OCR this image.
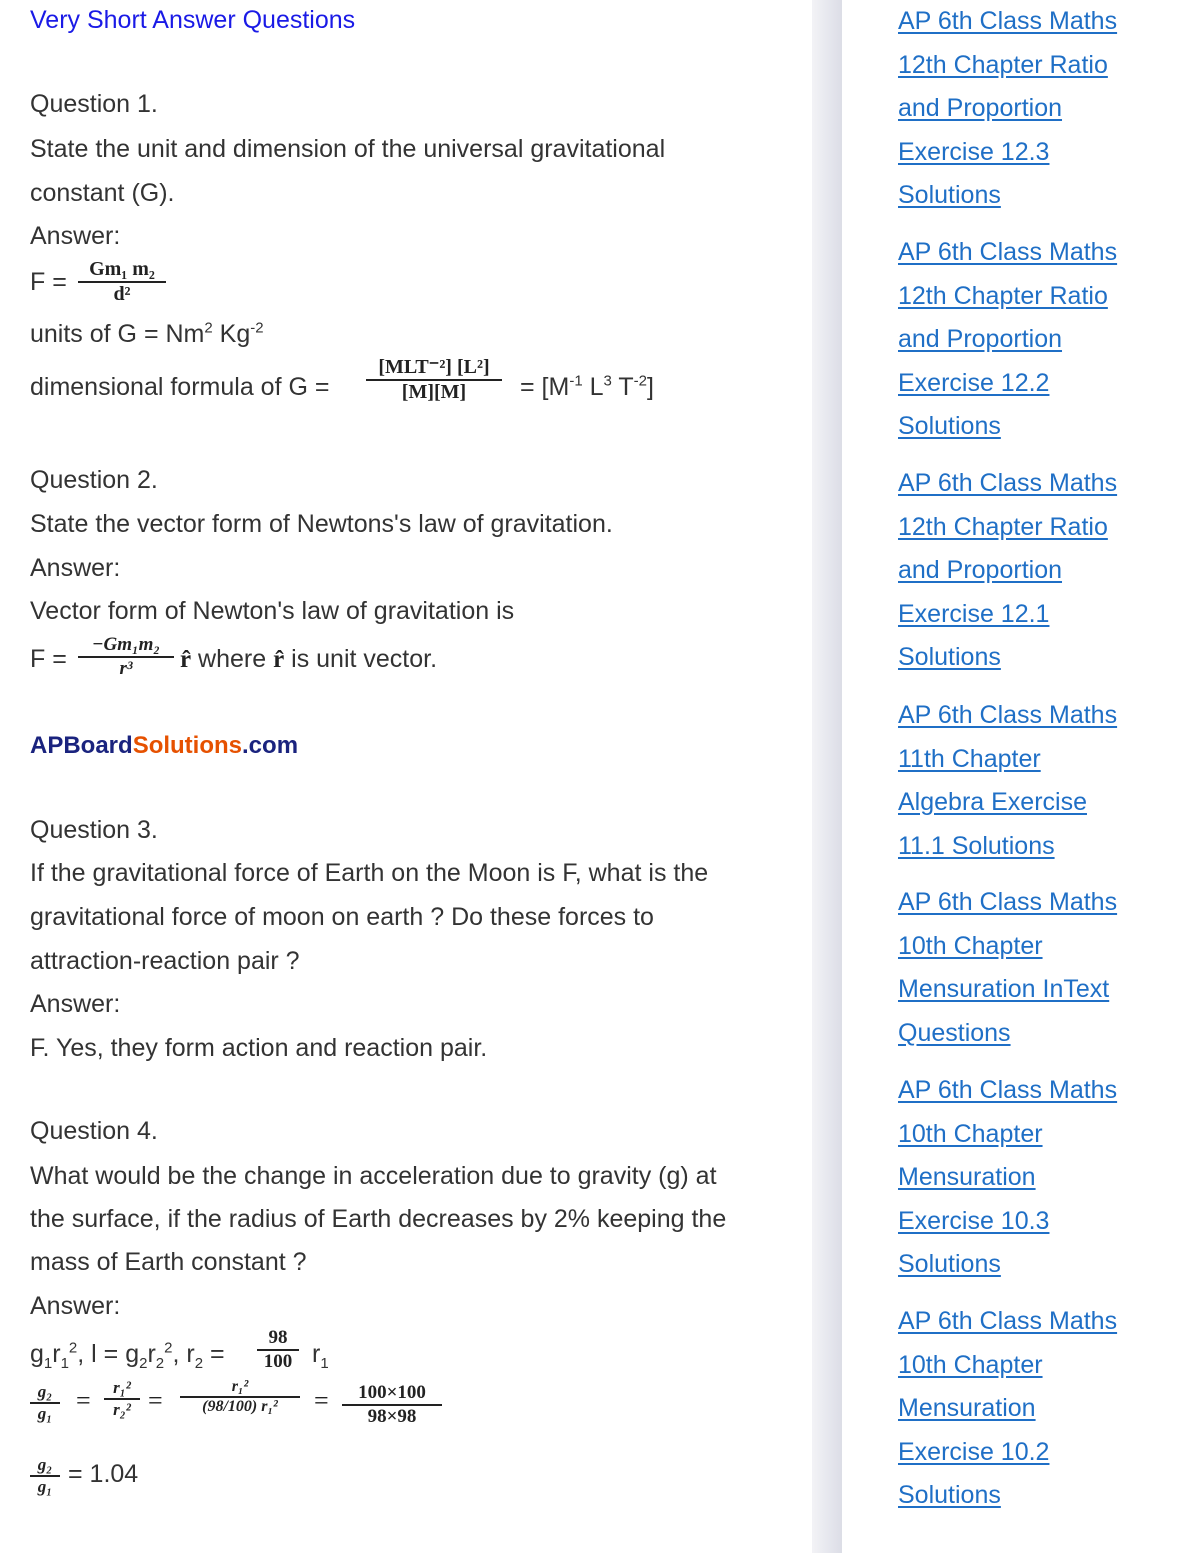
Very Short Answer Questions
Question 1.
State the unit and dimension of the universal gravitational
constant (G).
Answer:
$F = \frac{\text{Gm₁ m₂}}{\text{d²}}$
units of $G = Nm^2$ $Kg^{-2}$
dimensional formula of G =
[MLT⁻²] [L²]
[M][M]	= [$M^{-1}$ $L^3$ $T^{-2}$]
Question 2.
State the vector form of Newtons's law of gravitation.
Answer:
Vector form of Newton's law of gravitation is
$F = \frac{\text{−Gm₁m₂}}{\text{r³}}$ r̂ where r̂ is unit vector.
APBoardSolutions.com
Question 3.
If the gravitational force of Earth on the Moon is F, what is the
gravitational force of moon on earth ? Do these forces to
attraction-reaction pair ?
Answer:
F. Yes, they form action and reaction pair.
Question 4.
What would be the change in acceleration due to gravity (g) at
the surface, if the radius of Earth decreases by 2% keeping the
mass of Earth constant ?
Answer:
$g_1r_1^2$, $l = g_2r_2^2$, $r_2 = \frac{98}{100} r_1$
$\frac{\text{g₂}}{\text{g₁}} = \frac{\text{r₁²}}{\text{r₂²}} = \frac{\text{r₁²}}{\text{(98/100) r₁²}} = \frac{100\times 100}{98\times 98}$
$\frac{\text{g₂}}{\text{g₁}} = 1.04$
AP 6th Class Maths
12th Chapter Ratio
and Proportion
Exercise 12.3
Solutions
AP 6th Class Maths
12th Chapter Ratio
and Proportion
Exercise 12.2
Solutions
AP 6th Class Maths
12th Chapter Ratio
and Proportion
Exercise 12.1
Solutions
AP 6th Class Maths
11th Chapter
Algebra Exercise
11.1 Solutions
AP 6th Class Maths
10th Chapter
Mensuration InText
Questions
AP 6th Class Maths
10th Chapter
Mensuration
Exercise 10.3
Solutions
AP 6th Class Maths
10th Chapter
Mensuration
Exercise 10.2
Solutions
